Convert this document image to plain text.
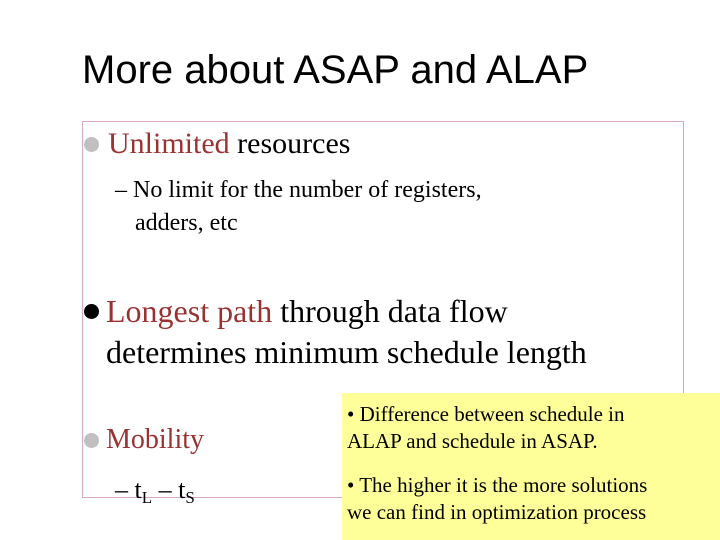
More about ASAP and ALAP
Unlimited resources
– No limit for the number of registers,
adders, etc
Longest path through data flow
determines minimum schedule length
Mobility
– $t_L - t_S$
• Difference between schedule in
ALAP and schedule in ASAP.
• The higher it is the more solutions
we can find in optimization process
